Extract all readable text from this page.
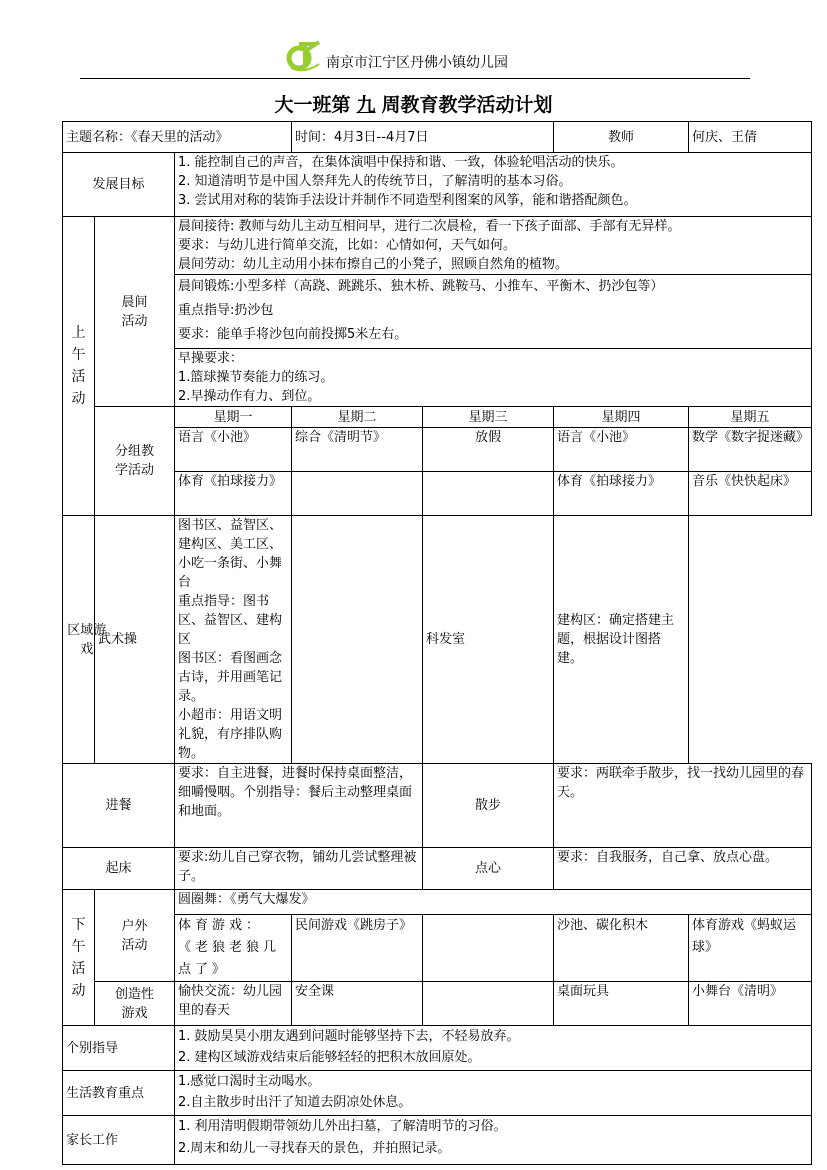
南京市江宁区丹佛小镇幼儿园
大一班第 九 周教育教学活动计划
主题名称：《春天里的活动》			时间：4月3日--4月7日		教师	何庆、王倩
发展目标		1. 能控制自己的声音，在集体演唱中保持和谐、一致，体验轮唱活动的快乐。
2. 知道清明节是中国人祭拜先人的传统节日，了解清明的基本习俗。
3. 尝试用对称的装饰手法设计并制作不同造型利图案的风筝，能和谐搭配颜色。				

上午活动	晨间活动	晨间接待: 教师与幼儿主动互相问早，进行二次晨检，看一下孩子面部、手部有无异样。
要求：与幼儿进行简单交流，比如：心情如何，天气如何。
晨间劳动：幼儿主动用小抹布擦自己的小凳子，照顾自然角的植物。				

		晨间锻炼:小型多样（高跷、跳跳乐、独木桥、跳鞍马、小推车、平衡木、扔沙包等）
重点指导:扔沙包
要求：能单手将沙包向前投掷5米左右。				

		早操要求：
1.篮球操节奏能力的练习。
2.早操动作有力、到位。				

	分组教学活动	星期一	星期二	星期三	星期四	星期五
		语言《小池》	综合《清明节》	放假	语言《小池》	数学《数字捉迷藏》
		体育《拍球接力》			体育《拍球接力》	音乐《快快起床》
区域游戏	武术操	图书区、益智区、建构区、美工区、小吃一条街、小舞台
重点指导：图书区、益智区、建构区
图书区：看图画念古诗，并用画笔记录。
小超市：用语文明礼貌，有序排队购物。		科发室	建构区：确定搭建主题，根据设计图搭建。	
进餐		要求：自主进餐，进餐时保持桌面整洁，细嚼慢咽。个别指导：餐后主动整理桌面和地面。		散步	要求：两联牵手散步，找一找幼儿园里的春天。	
起床		要求:幼儿自己穿衣物，铺幼儿尝试整理被子。		点心	要求：自我服务，自己拿、放点心盘。	

下午活动	户外活动	圆圈舞：《勇气大爆发》				
		体育游戏：《老狼老狼几点了》	民间游戏《跳房子》		沙池、碳化积木	体育游戏《蚂蚁运球》
	创造性游戏	愉快交流：幼儿园里的春天	安全课		桌面玩具	小舞台《清明》
个别指导		1. 鼓励昊昊小朋友遇到问题时能够坚持下去，不轻易放弃。
2. 建构区域游戏结束后能够轻轻的把积木放回原处。				

生活教育重点		1.感觉口渴时主动喝水。
2.自主散步时出汗了知道去阴凉处休息。				

家长工作		1. 利用清明假期带领幼儿外出扫墓，了解清明节的习俗。
2.周末和幼儿一寻找春天的景色，并拍照记录。				
